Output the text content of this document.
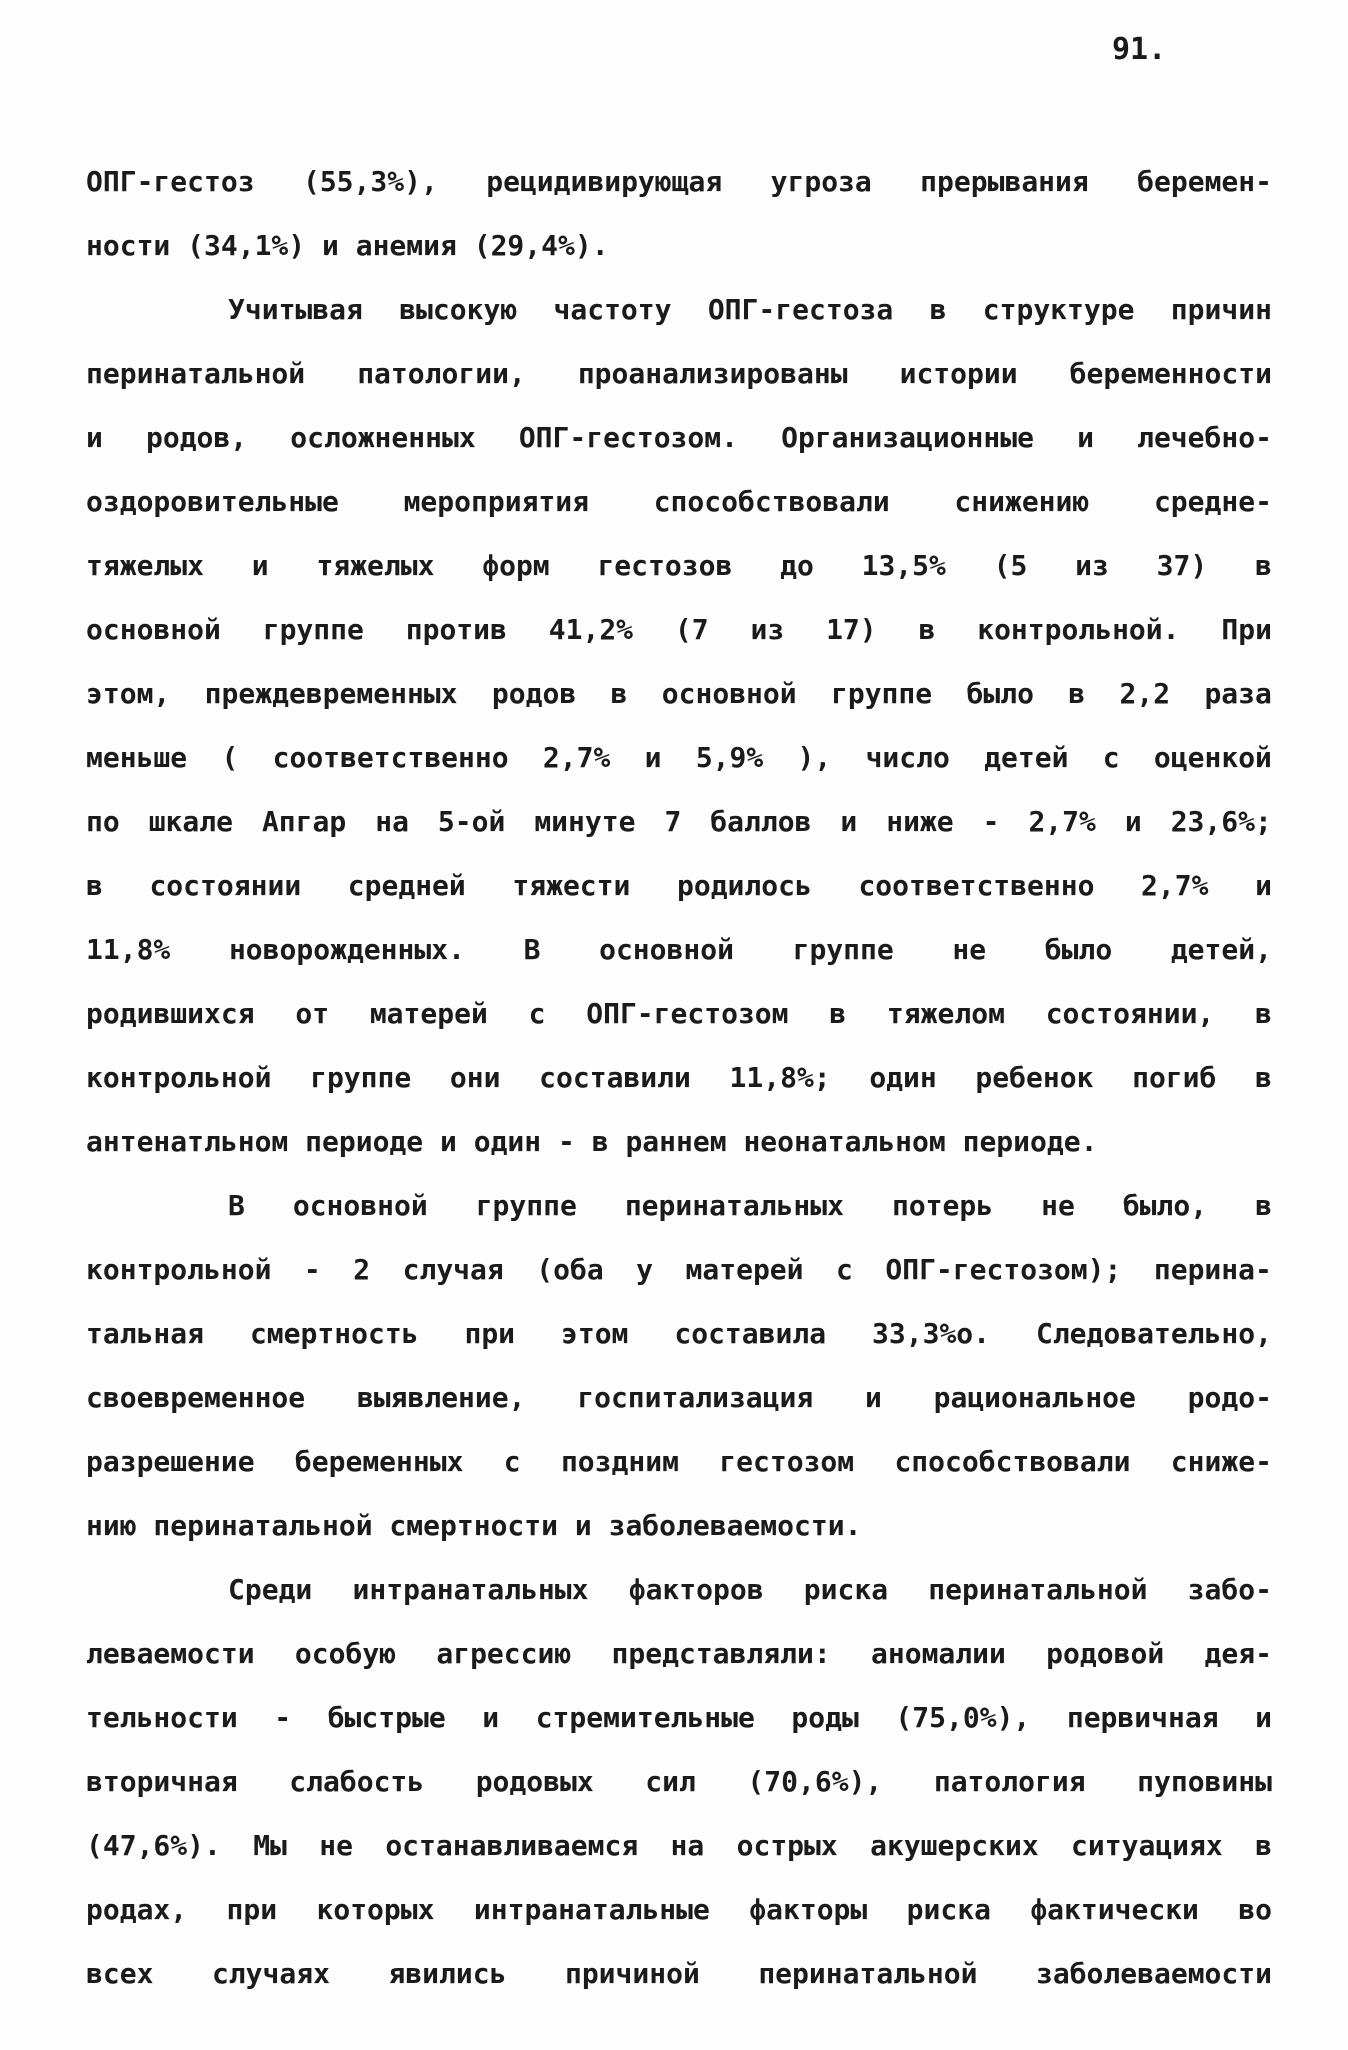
91.
ОПГ-гестоз (55,3%), рецидивирующая угроза прерывания беремен-
ности (34,1%) и анемия (29,4%).
Учитывая высокую частоту ОПГ-гестоза в структуре причин
перинатальной патологии, проанализированы истории беременности
и родов, осложненных ОПГ-гестозом. Организационные и лечебно-
оздоровительные мероприятия способствовали снижению средне-
тяжелых и тяжелых форм гестозов до 13,5% (5 из 37) в
основной группе против 41,2% (7 из 17) в контрольной. При
этом, преждевременных родов в основной группе было в 2,2 раза
меньше ( соответственно 2,7% и 5,9% ), число детей с оценкой
по шкале Апгар на 5-ой минуте 7 баллов и ниже - 2,7% и 23,6%;
в состоянии средней тяжести родилось соответственно 2,7% и
11,8% новорожденных. В основной группе не было детей,
родившихся от матерей с ОПГ-гестозом в тяжелом состоянии, в
контрольной группе они составили 11,8%; один ребенок погиб в
антенатльном периоде и один - в раннем неонатальном периоде.
В основной группе перинатальных потерь не было, в
контрольной - 2 случая (оба у матерей с ОПГ-гестозом); перина-
тальная смертность при этом составила 33,3%о. Следовательно,
своевременное выявление, госпитализация и рациональное родо-
разрешение беременных с поздним гестозом способствовали сниже-
нию перинатальной смертности и заболеваемости.
Среди интранатальных факторов риска перинатальной забо-
леваемости особую агрессию представляли: аномалии родовой дея-
тельности - быстрые и стремительные роды (75,0%), первичная и
вторичная слабость родовых сил (70,6%), патология пуповины
(47,6%). Мы не останавливаемся на острых акушерских ситуациях в
родах, при которых интранатальные факторы риска фактически во
всех случаях явились причиной перинатальной заболеваемости
